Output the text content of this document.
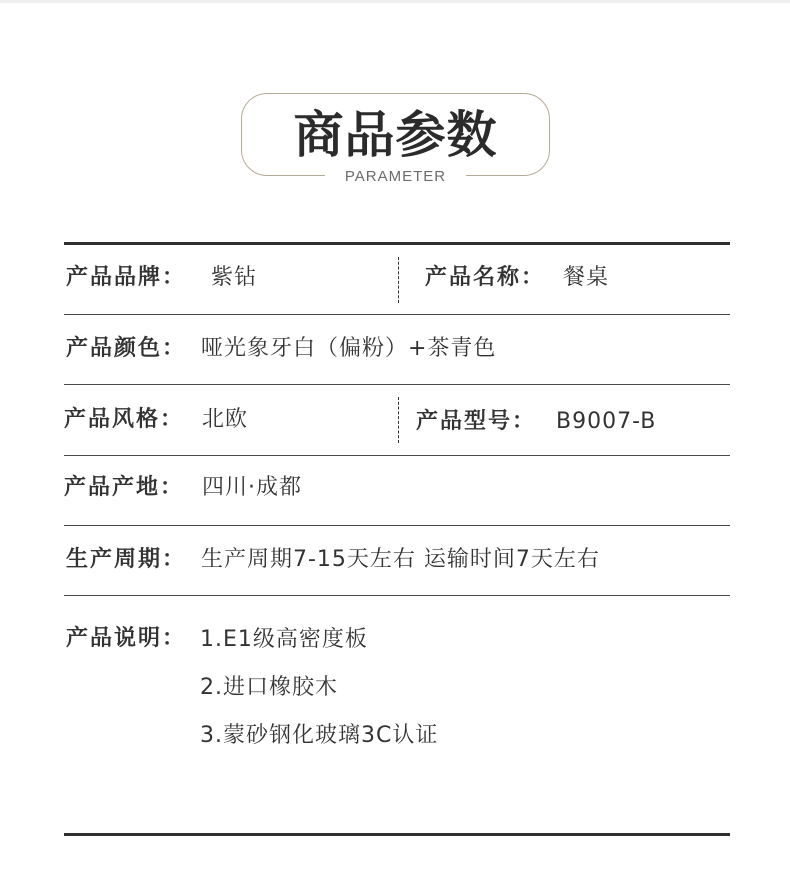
商品参数
PARAMETER
产品品牌： 紫钻	产品名称： 餐桌
产品颜色： 哑光象牙白（偏粉）+茶青色
产品风格： 北欧	产品型号： B9007-B
产品产地： 四川·成都
生产周期： 生产周期7-15天左右 运输时间7天左右
产品说明： 1.E1级高密度板
2.进口橡胶木
3.蒙砂钢化玻璃3C认证
